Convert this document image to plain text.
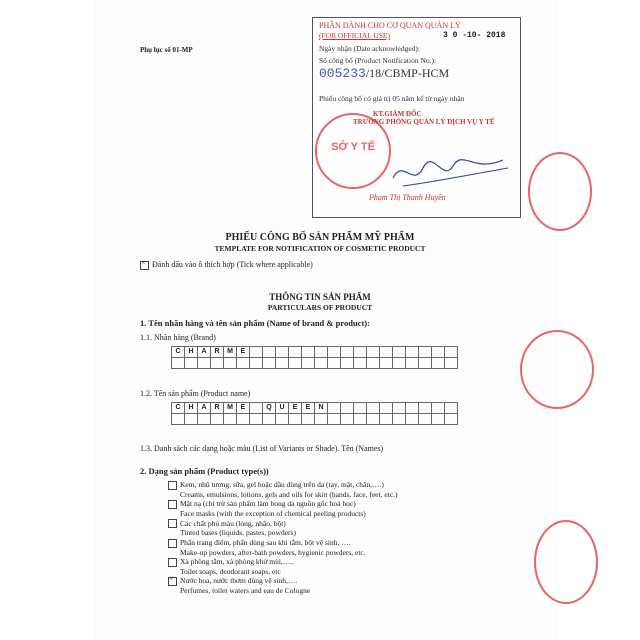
Phụ lục số 01-MP
PHẦN DÀNH CHO CƠ QUAN QUẢN LÝ
(FOR OFFICIAL USE)	3 0 -10- 2018
Ngày nhận (Date acknowledged):
Số công bố (Product Notification No.):
005233/18/CBMP-HCM
Phiếu công bố có giá trị 05 năm kể từ ngày nhận
KT.GIÁM ĐỐC
TRƯỞNG PHÒNG QUẢN LÝ DỊCH VỤ Y TẾ
SỞ Y TẾ
Phạm Thị Thanh Huyền
PHIẾU CÔNG BỐ SẢN PHẨM MỸ PHẨM
TEMPLATE FOR NOTIFICATION OF COSMETIC PRODUCT
×Đánh dấu vào ô thích hợp (Tick where applicable)
THÔNG TIN SẢN PHẨM
PARTICULARS OF PRODUCT
1. Tên nhãn hàng và tên sản phẩm (Name of brand & product):
1.1. Nhãn hàng (Brand)
C	H	A	R	M	E
1.2. Tên sản phẩm (Product name)
C	H	A	R	M	E	Q	U	E	E	N
1.3. Danh sách các dạng hoặc màu (List of Variants or Shade). Tên (Names)
2. Dạng sản phẩm (Product type(s))
Kem, nhũ tương, sữa, gel hoặc dầu dùng trên da (tay, mặt, chân,….)
Creams, emulsions, lotions, gels and oils for skin (hands, face, feet, etc.)
Mặt nạ (chỉ trừ sản phẩm làm bong da nguồn gốc hoá học)
Face masks (with the exception of chemical peeling products)
Các chất phủ màu (lỏng, nhão, bột)
Tinted bases (liquids, pastes, powders)
Phấn trang điểm, phấn dùng sau khi tắm, bột vệ sinh, ….
Make-up powders, after-bath powders, hygienic powders, etc.
Xà phòng tắm, xà phòng khử mùi,…..
Toilet soaps, deodorant soaps, etc
×Nước hoa, nước thơm dùng vệ sinh,….
Perfumes, toilet waters and eau de Cologne
